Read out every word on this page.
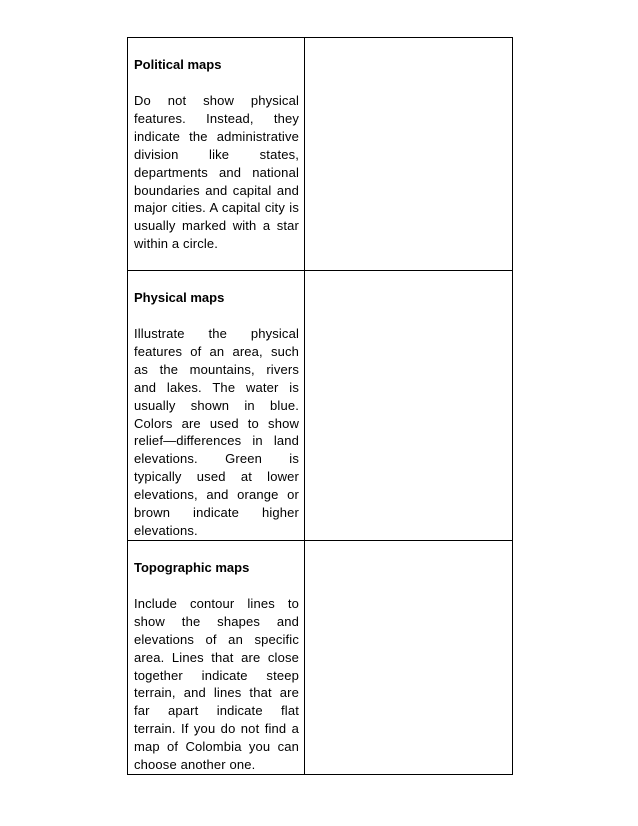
Political maps

Do not show physical features. Instead, they indicate the administrative division like states, departments and national boundaries and capital and major cities. A capital city is usually marked with a star within a circle.	

Physical maps

Illustrate the physical features of an area, such as the mountains, rivers and lakes. The water is usually shown in blue. Colors are used to show relief—differences in land elevations. Green is typically used at lower elevations, and orange or brown indicate higher elevations.	

Topographic maps

Include contour lines to show the shapes and elevations of an specific area. Lines that are close together indicate steep terrain, and lines that are far apart indicate flat terrain. If you do not find a map of Colombia you can choose another one.	
